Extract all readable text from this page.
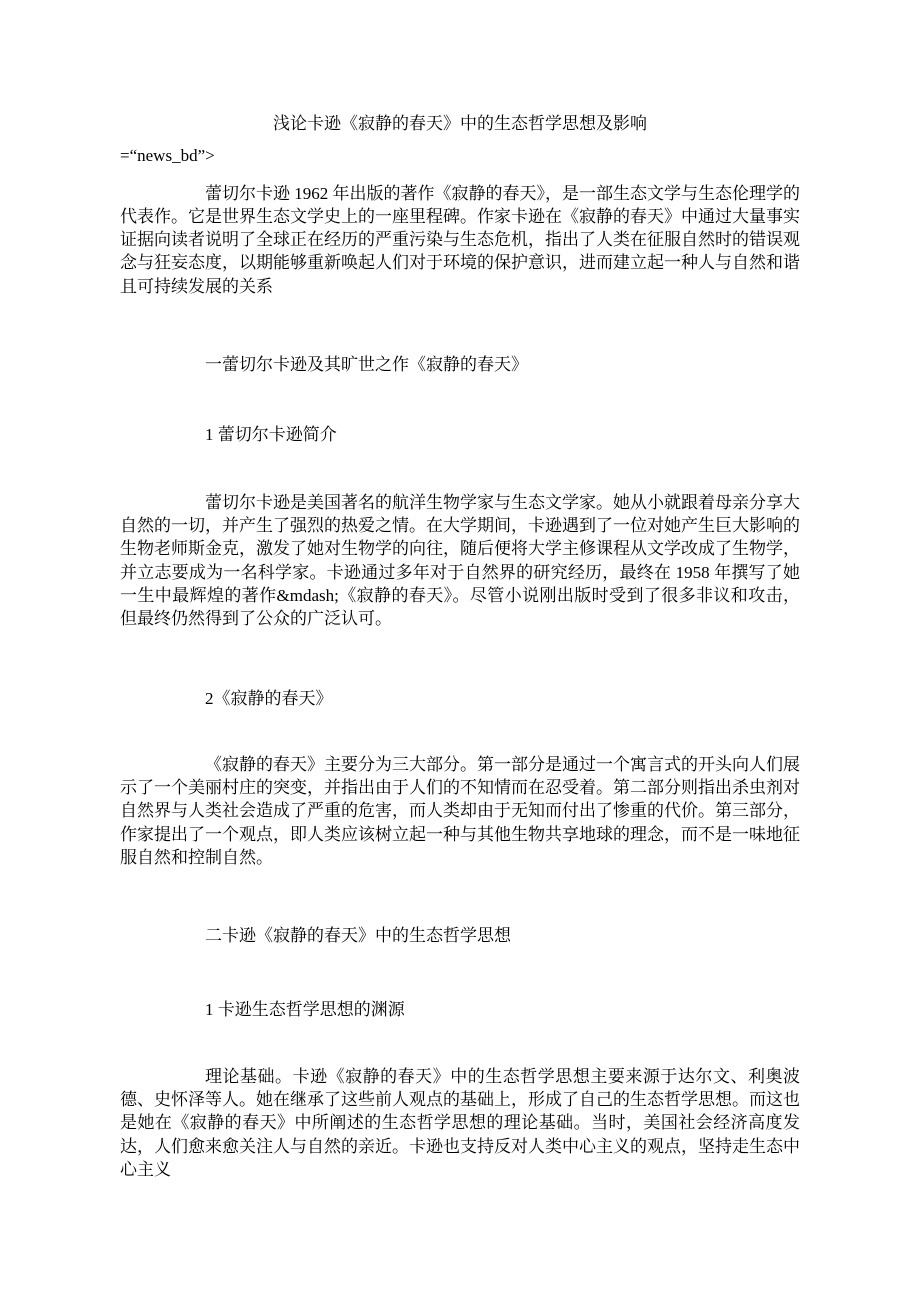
浅论卡逊《寂静的春天》中的生态哲学思想及影响

=“news_bd”>

蕾切尔卡逊 1962 年出版的著作《寂静的春天》，是一部生态文学与生态伦理学的代表作。它是世界生态文学史上的一座里程碑。作家卡逊在《寂静的春天》中通过大量事实证据向读者说明了全球正在经历的严重污染与生态危机，指出了人类在征服自然时的错误观念与狂妄态度，以期能够重新唤起人们对于环境的保护意识，进而建立起一种人与自然和谐且可持续发展的关系

一蕾切尔卡逊及其旷世之作《寂静的春天》

1 蕾切尔卡逊简介

蕾切尔卡逊是美国著名的航洋生物学家与生态文学家。她从小就跟着母亲分享大自然的一切，并产生了强烈的热爱之情。在大学期间，卡逊遇到了一位对她产生巨大影响的生物老师斯金克，激发了她对生物学的向往，随后便将大学主修课程从文学改成了生物学，并立志要成为一名科学家。卡逊通过多年对于自然界的研究经历，最终在 1958 年撰写了她一生中最辉煌的著作&mdash;《寂静的春天》。尽管小说刚出版时受到了很多非议和攻击，但最终仍然得到了公众的广泛认可。

2《寂静的春天》

《寂静的春天》主要分为三大部分。第一部分是通过一个寓言式的开头向人们展示了一个美丽村庄的突变，并指出由于人们的不知情而在忍受着。第二部分则指出杀虫剂对自然界与人类社会造成了严重的危害，而人类却由于无知而付出了惨重的代价。第三部分，作家提出了一个观点，即人类应该树立起一种与其他生物共享地球的理念，而不是一味地征服自然和控制自然。

二卡逊《寂静的春天》中的生态哲学思想

1 卡逊生态哲学思想的渊源

理论基础。卡逊《寂静的春天》中的生态哲学思想主要来源于达尔文、利奥波德、史怀泽等人。她在继承了这些前人观点的基础上，形成了自己的生态哲学思想。而这也是她在《寂静的春天》中所阐述的生态哲学思想的理论基础。当时，美国社会经济高度发达，人们愈来愈关注人与自然的亲近。卡逊也支持反对人类中心主义的观点，坚持走生态中心主义
